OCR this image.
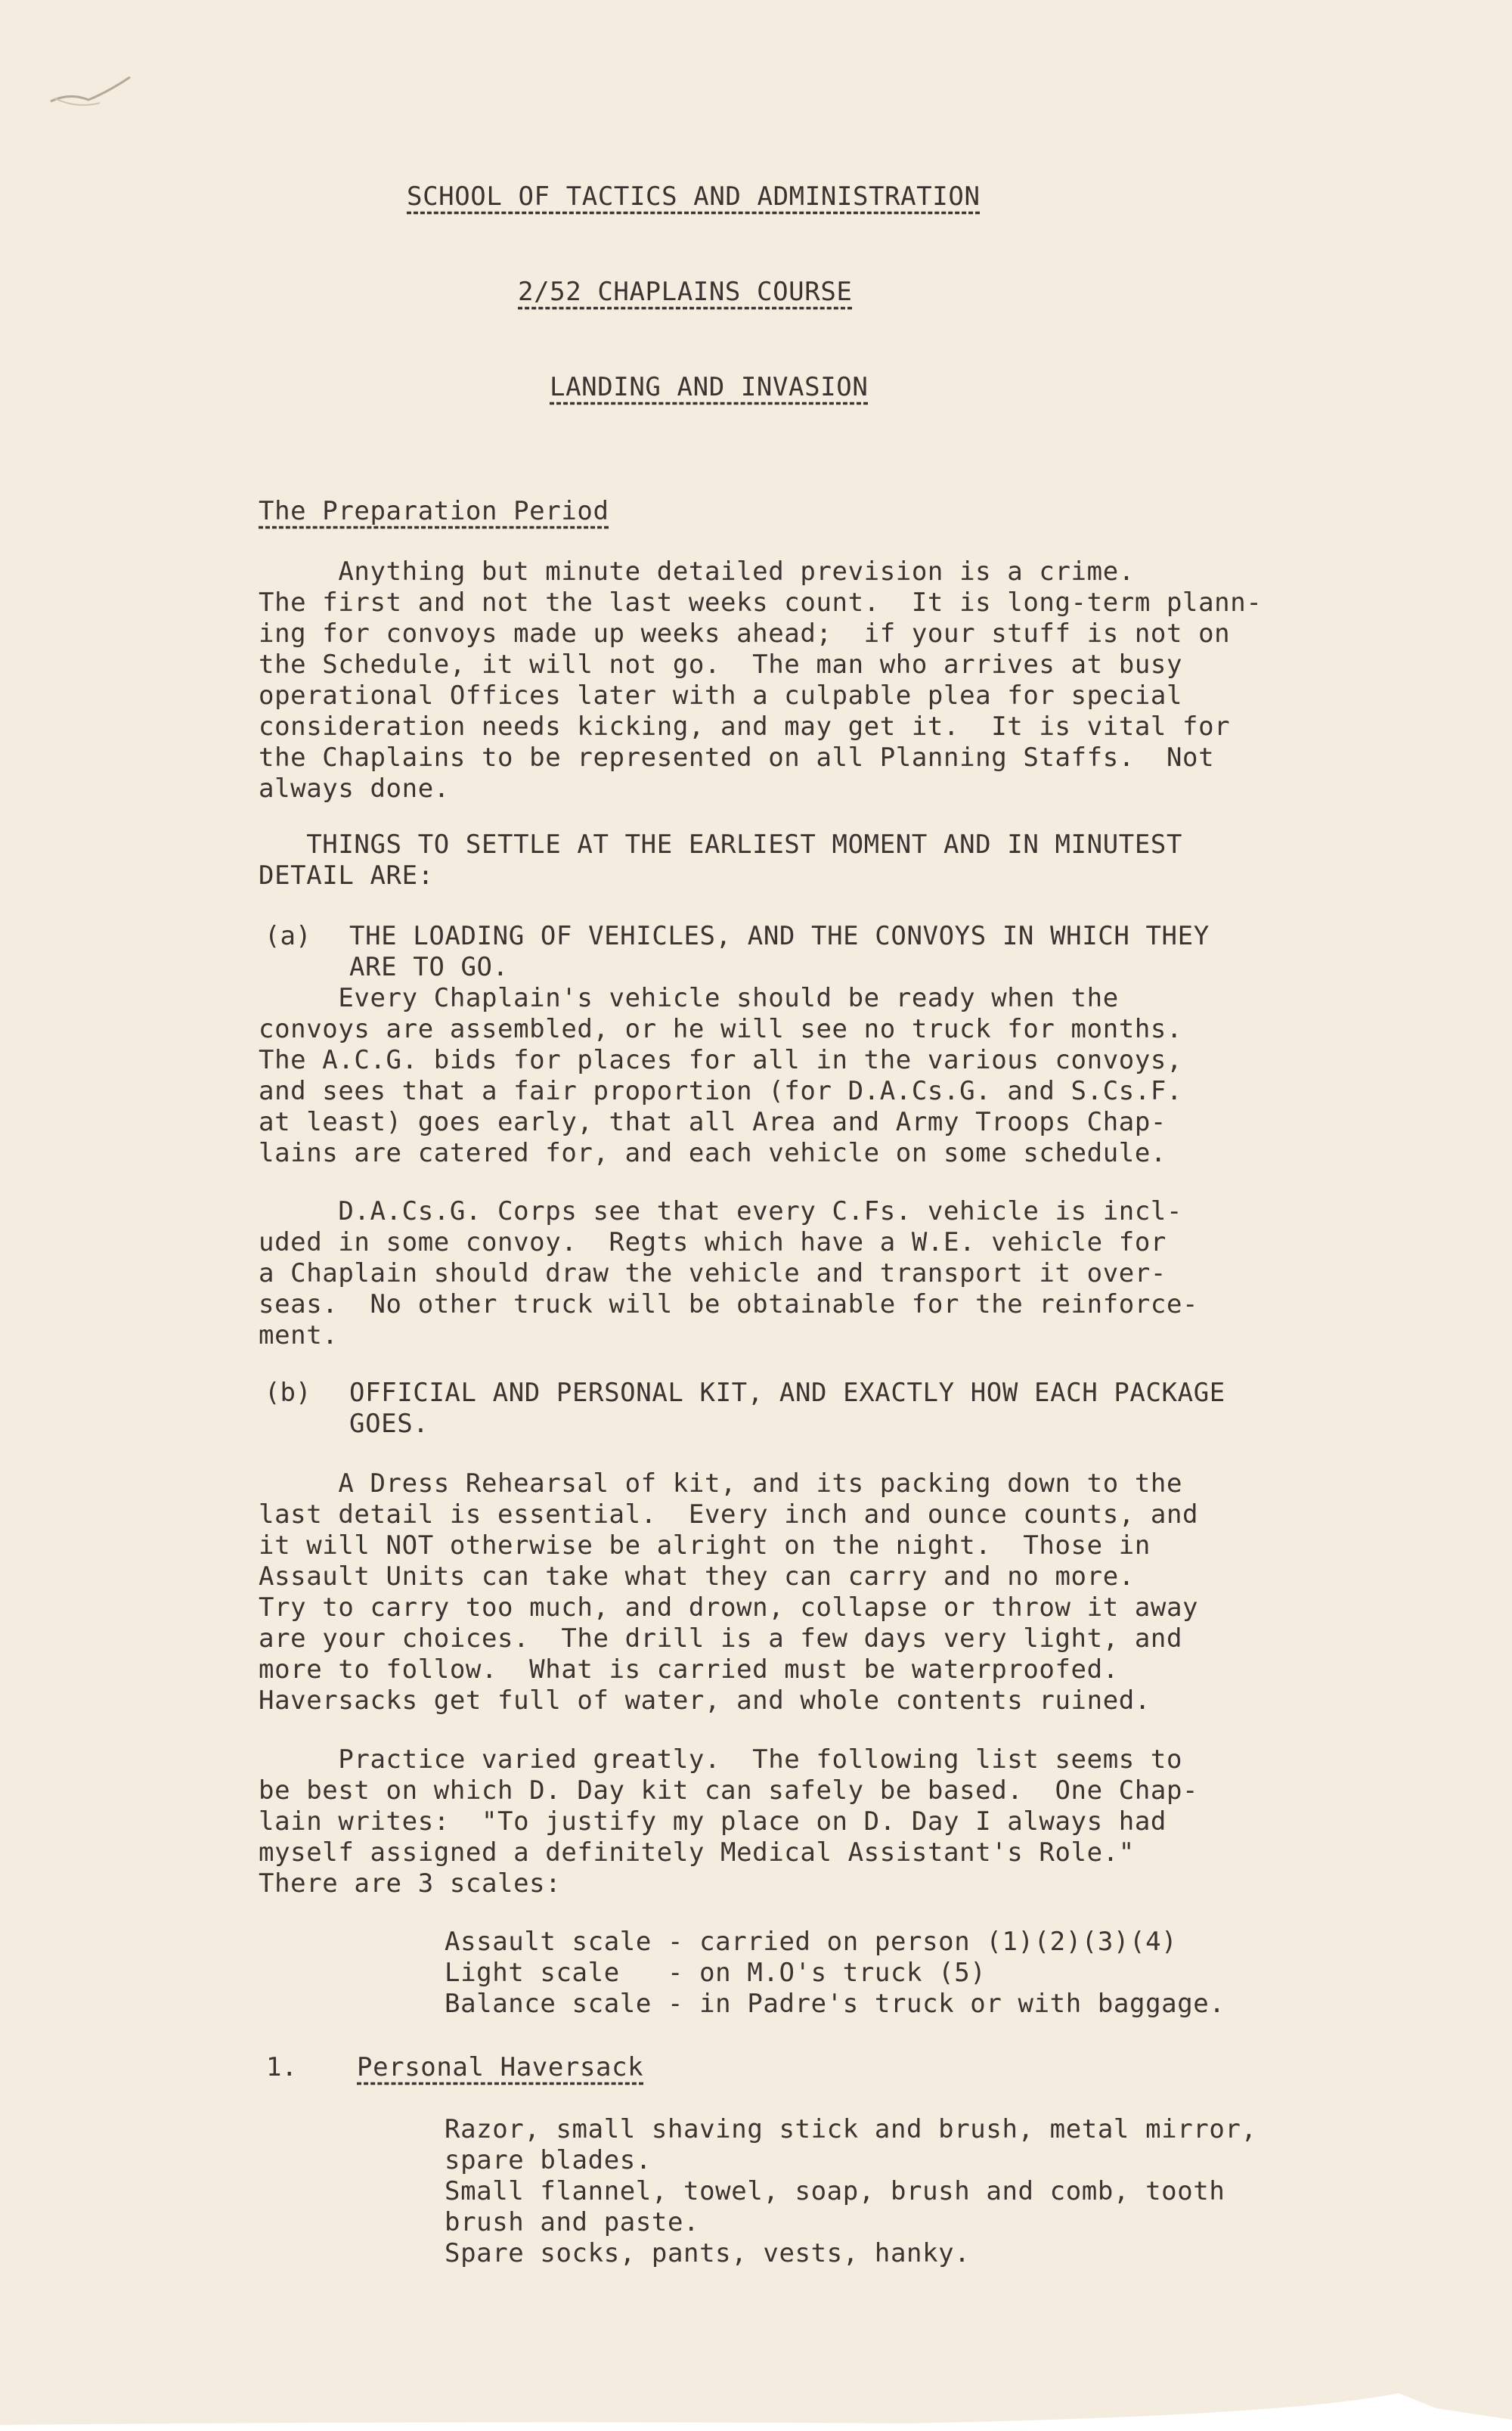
SCHOOL OF TACTICS AND ADMINISTRATION
2/52 CHAPLAINS COURSE
LANDING AND INVASION
The Preparation Period
Anything but minute detailed prevision is a crime.
The first and not the last weeks count.  It is long-term plann-
ing for convoys made up weeks ahead;  if your stuff is not on
the Schedule, it will not go.  The man who arrives at busy
operational Offices later with a culpable plea for special
consideration needs kicking, and may get it.  It is vital for
the Chaplains to be represented on all Planning Staffs.  Not
always done.
THINGS TO SETTLE AT THE EARLIEST MOMENT AND IN MINUTEST
DETAIL ARE:
(a) THE LOADING OF VEHICLES, AND THE CONVOYS IN WHICH THEY
ARE TO GO.
Every Chaplain's vehicle should be ready when the
convoys are assembled, or he will see no truck for months.
The A.C.G. bids for places for all in the various convoys,
and sees that a fair proportion (for D.A.Cs.G. and S.Cs.F.
at least) goes early, that all Area and Army Troops Chap-
lains are catered for, and each vehicle on some schedule.
D.A.Cs.G. Corps see that every C.Fs. vehicle is incl-
uded in some convoy.  Regts which have a W.E. vehicle for
a Chaplain should draw the vehicle and transport it over-
seas.  No other truck will be obtainable for the reinforce-
ment.
(b) OFFICIAL AND PERSONAL KIT, AND EXACTLY HOW EACH PACKAGE
GOES.
A Dress Rehearsal of kit, and its packing down to the
last detail is essential.  Every inch and ounce counts, and
it will NOT otherwise be alright on the night.  Those in
Assault Units can take what they can carry and no more.
Try to carry too much, and drown, collapse or throw it away
are your choices.  The drill is a few days very light, and
more to follow.  What is carried must be waterproofed.
Haversacks get full of water, and whole contents ruined.
Practice varied greatly.  The following list seems to
be best on which D. Day kit can safely be based.  One Chap-
lain writes:  "To justify my place on D. Day I always had
myself assigned a definitely Medical Assistant's Role."
There are 3 scales:
Assault scale - carried on person (1)(2)(3)(4)
Light scale   - on M.O's truck (5)
Balance scale - in Padre's truck or with baggage.
1. Personal Haversack
Razor, small shaving stick and brush, metal mirror,
spare blades.
Small flannel, towel, soap, brush and comb, tooth
brush and paste.
Spare socks, pants, vests, hanky.
